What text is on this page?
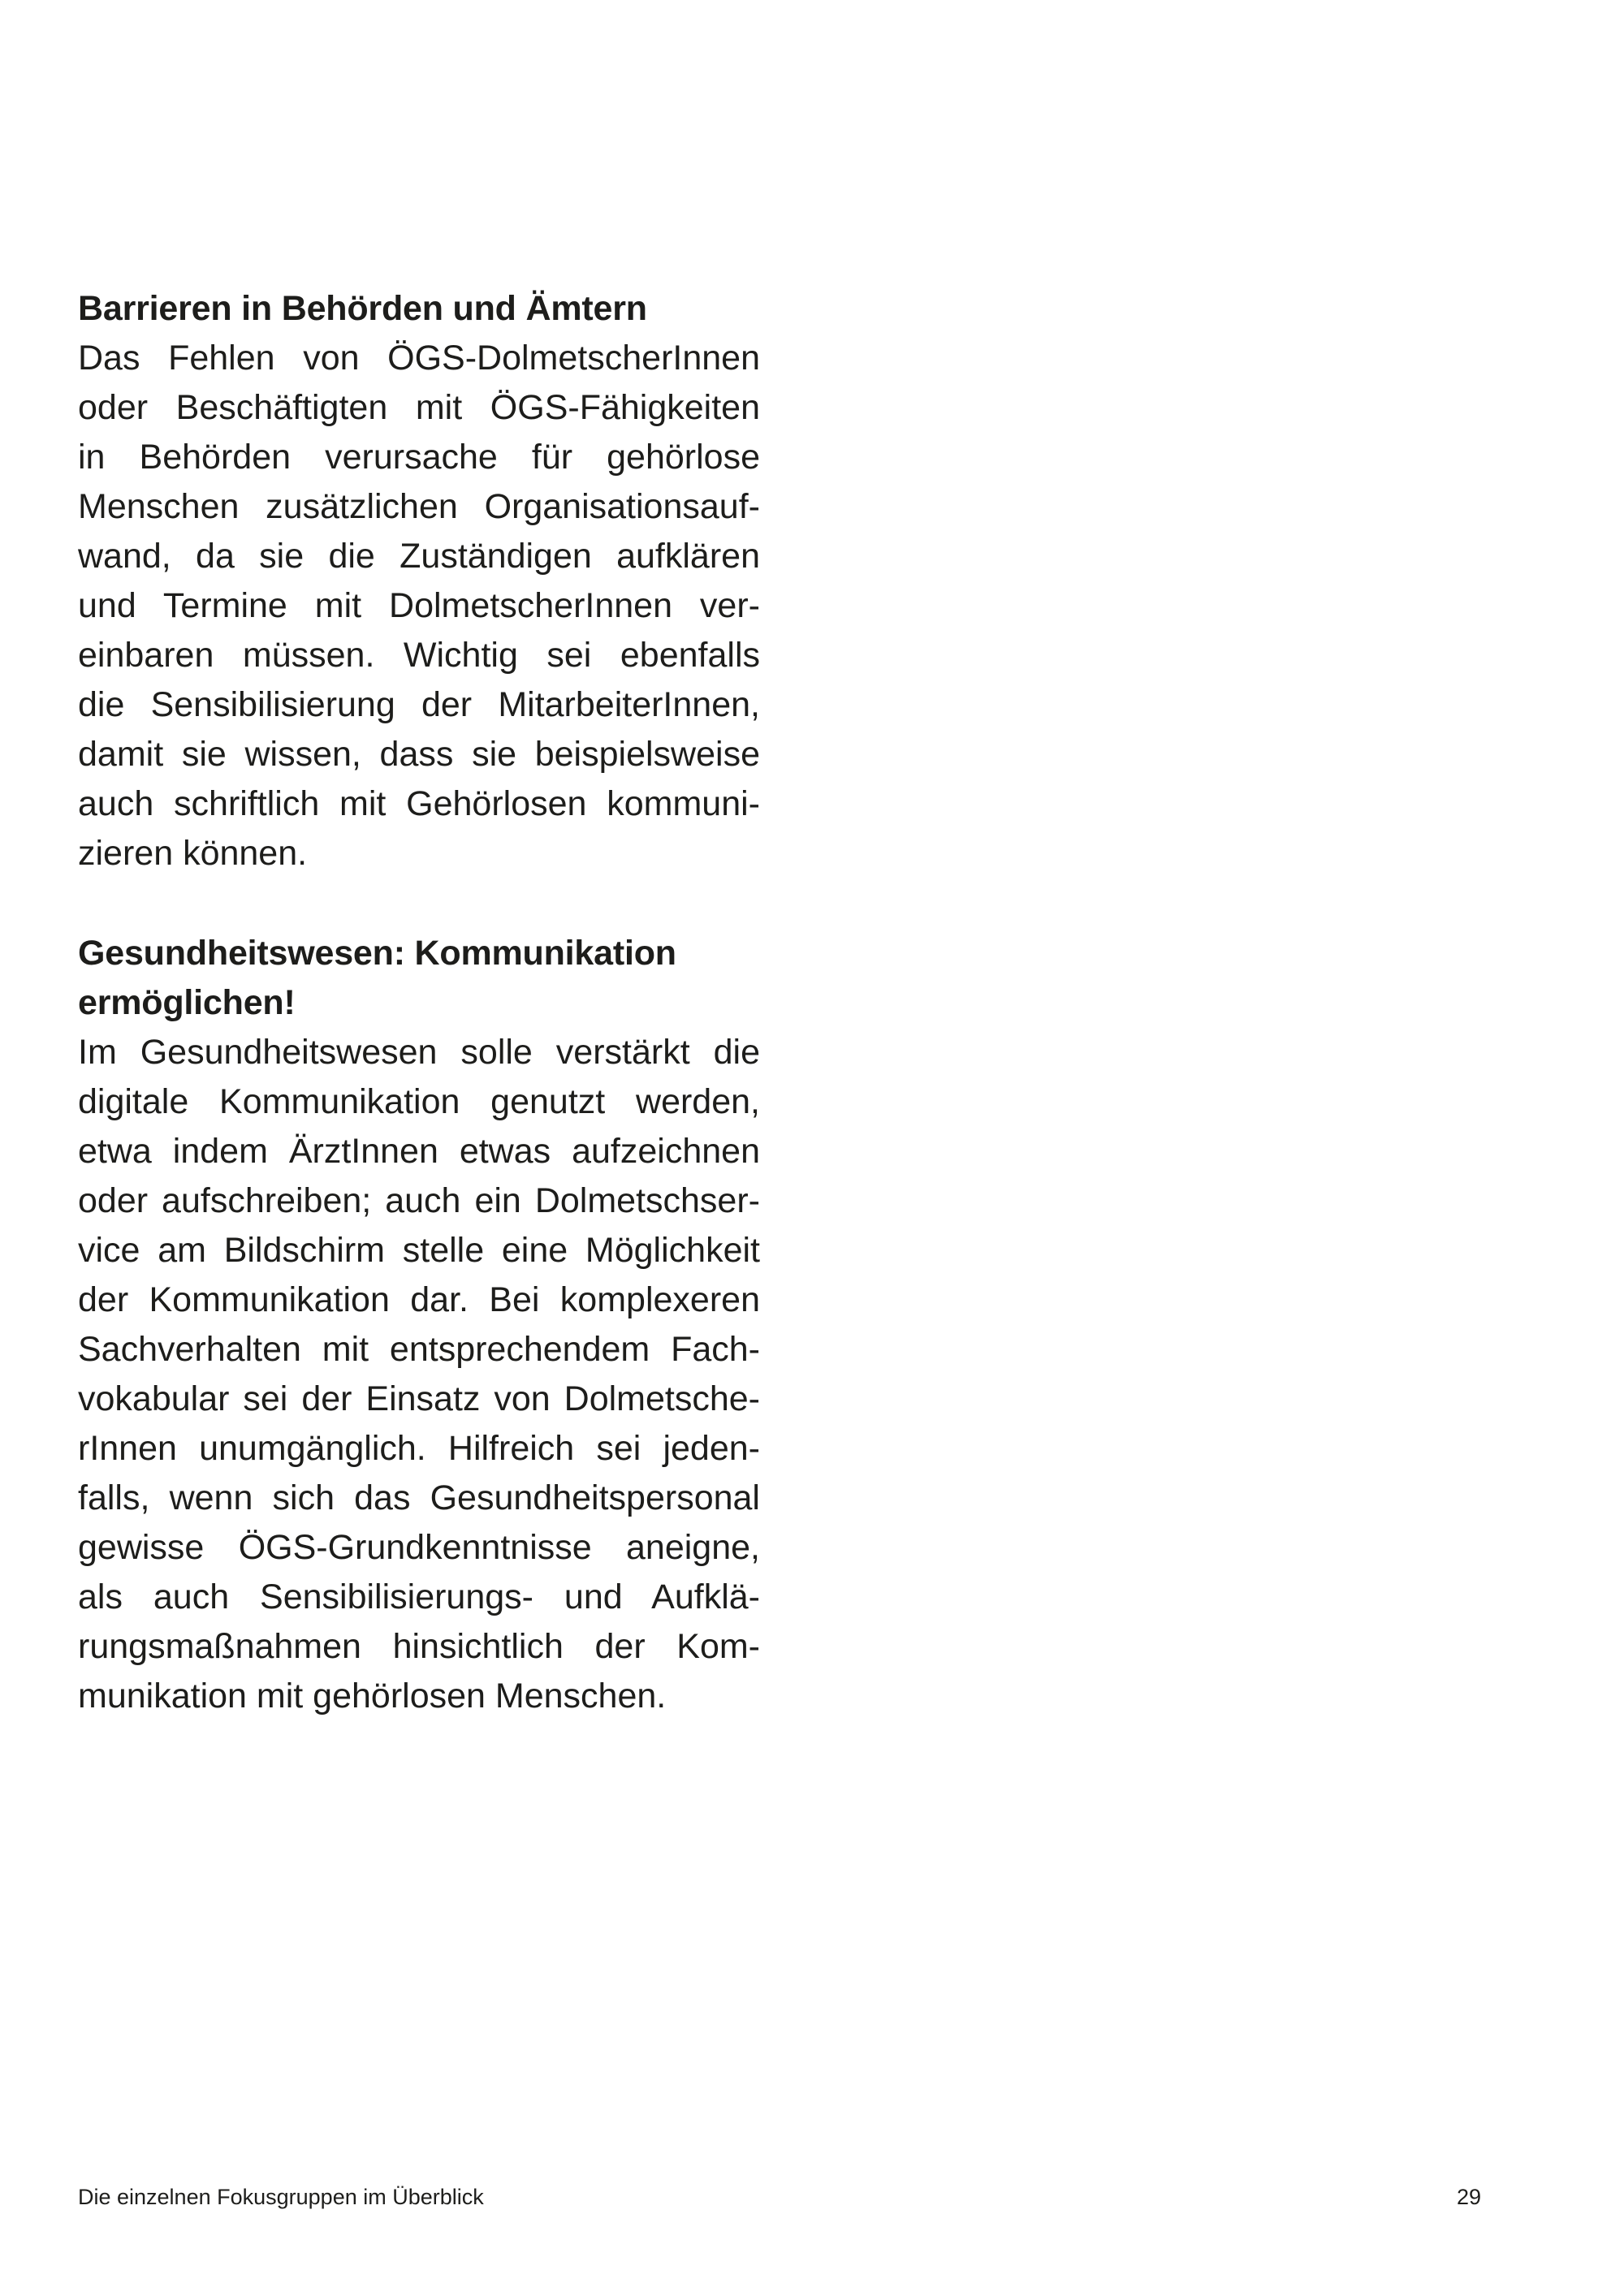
Barrieren in Behörden und Ämtern

Das Fehlen von ÖGS-DolmetscherInnen
oder Beschäftigten mit ÖGS-Fähigkeiten
in Behörden verursache für gehörlose
Menschen zusätzlichen Organisationsauf-
wand, da sie die Zuständigen aufklären
und Termine mit DolmetscherInnen ver-
einbaren müssen. Wichtig sei ebenfalls
die Sensibilisierung der MitarbeiterInnen,
damit sie wissen, dass sie beispielsweise
auch schriftlich mit Gehörlosen kommuni-
zieren können.

Gesundheitswesen: Kommunikation
ermöglichen!

Im Gesundheitswesen solle verstärkt die
digitale Kommunikation genutzt werden,
etwa indem ÄrztInnen etwas aufzeichnen
oder aufschreiben; auch ein Dolmetschser-
vice am Bildschirm stelle eine Möglichkeit
der Kommunikation dar. Bei komplexeren
Sachverhalten mit entsprechendem Fach-
vokabular sei der Einsatz von Dolmetsche-
rInnen unumgänglich. Hilfreich sei jeden-
falls, wenn sich das Gesundheitspersonal
gewisse ÖGS-Grundkenntnisse aneigne,
als auch Sensibilisierungs- und Aufklä-
rungsmaßnahmen hinsichtlich der Kom-
munikation mit gehörlosen Menschen.

Die einzelnen Fokusgruppen im Überblick	29
